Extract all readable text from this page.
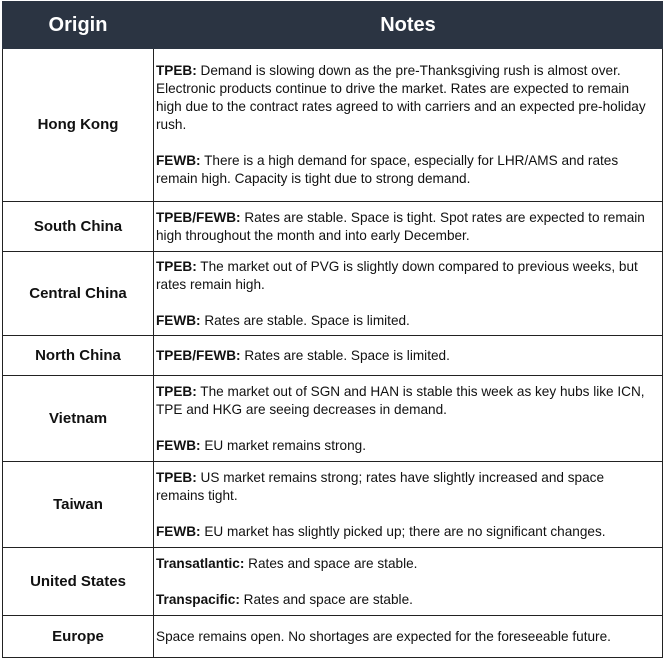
Origin	Notes
Hong Kong	TPEB: Demand is slowing down as the pre-Thanksgiving rush is almost over. Electronic products continue to drive the market. Rates are expected to remain high due to the contract rates agreed to with carriers and an expected pre-holiday rush.

FEWB: There is a high demand for space, especially for LHR/AMS and rates remain high. Capacity is tight due to strong demand.

South China	TPEB/FEWB: Rates are stable. Space is tight. Spot rates are expected to remain high throughout the month and into early December.

Central China	TPEB: The market out of PVG is slightly down compared to previous weeks, but rates remain high.

FEWB: Rates are stable. Space is limited.

North China	TPEB/FEWB: Rates are stable. Space is limited.

Vietnam	TPEB: The market out of SGN and HAN is stable this week as key hubs like ICN, TPE and HKG are seeing decreases in demand.

FEWB: EU market remains strong.

Taiwan	TPEB: US market remains strong; rates have slightly increased and space remains tight.

FEWB: EU market has slightly picked up; there are no significant changes.

United States	Transatlantic: Rates and space are stable.

Transpacific: Rates and space are stable.

Europe	Space remains open. No shortages are expected for the foreseeable future.
